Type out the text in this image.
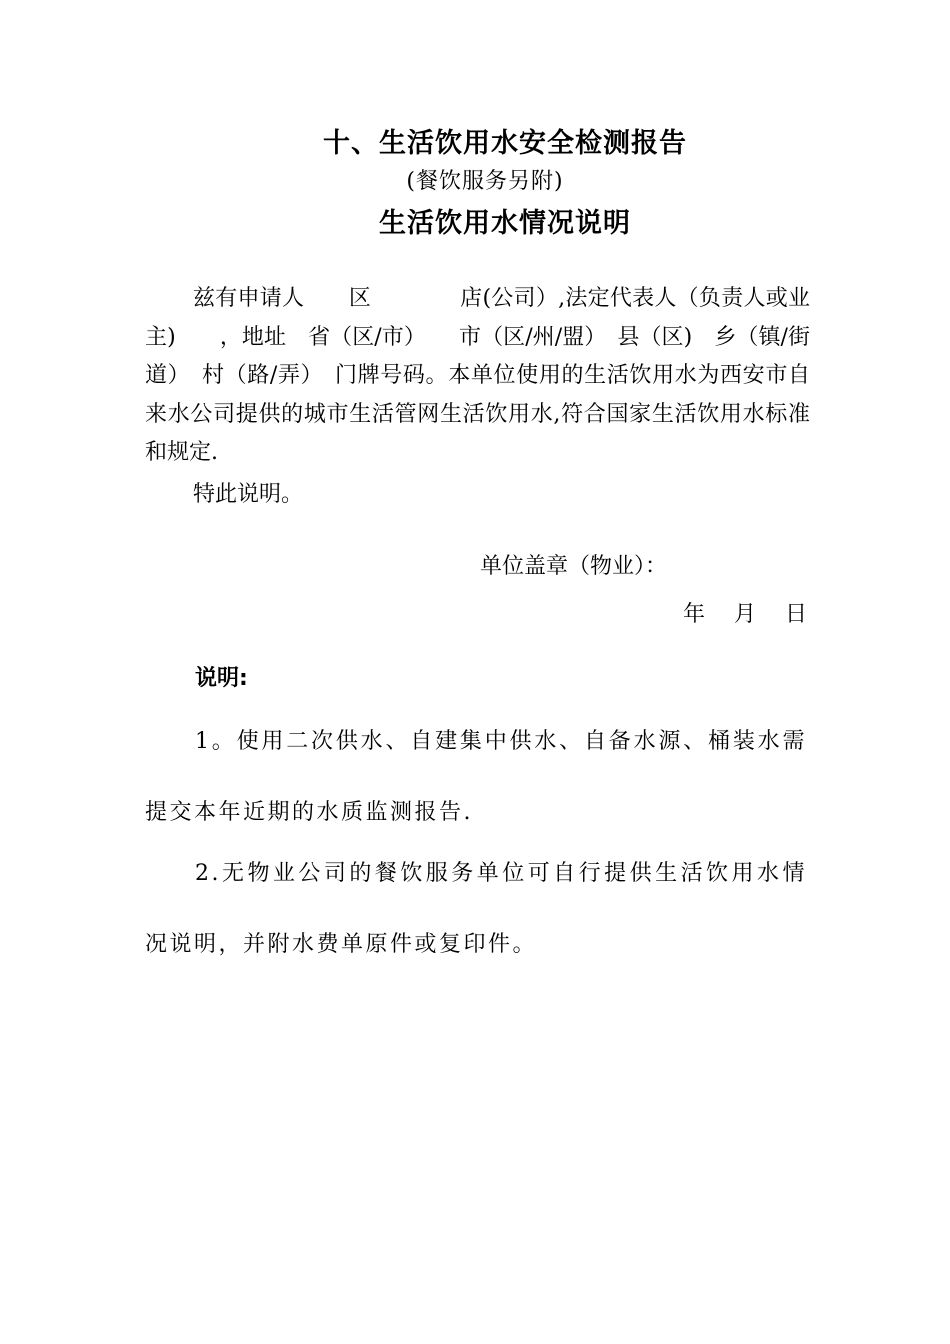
十、生活饮用水安全检测报告

(餐饮服务另附)

生活饮用水情况说明

兹有申请人　　区　　　　店(公司）,法定代表人（负责人或业主)　　，地址　省（区/市）　　市（区/州/盟）　县（区)　乡（镇/街道）　村（路/弄）　门牌号码。本单位使用的生活饮用水为西安市自来水公司提供的城市生活管网生活饮用水,符合国家生活饮用水标准和规定.

特此说明。

单位盖章（物业）：

年 月 日

说明:

1。使用二次供水、自建集中供水、自备水源、桶装水需提交本年近期的水质监测报告.

2.无物业公司的餐饮服务单位可自行提供生活饮用水情况说明，并附水费单原件或复印件。
